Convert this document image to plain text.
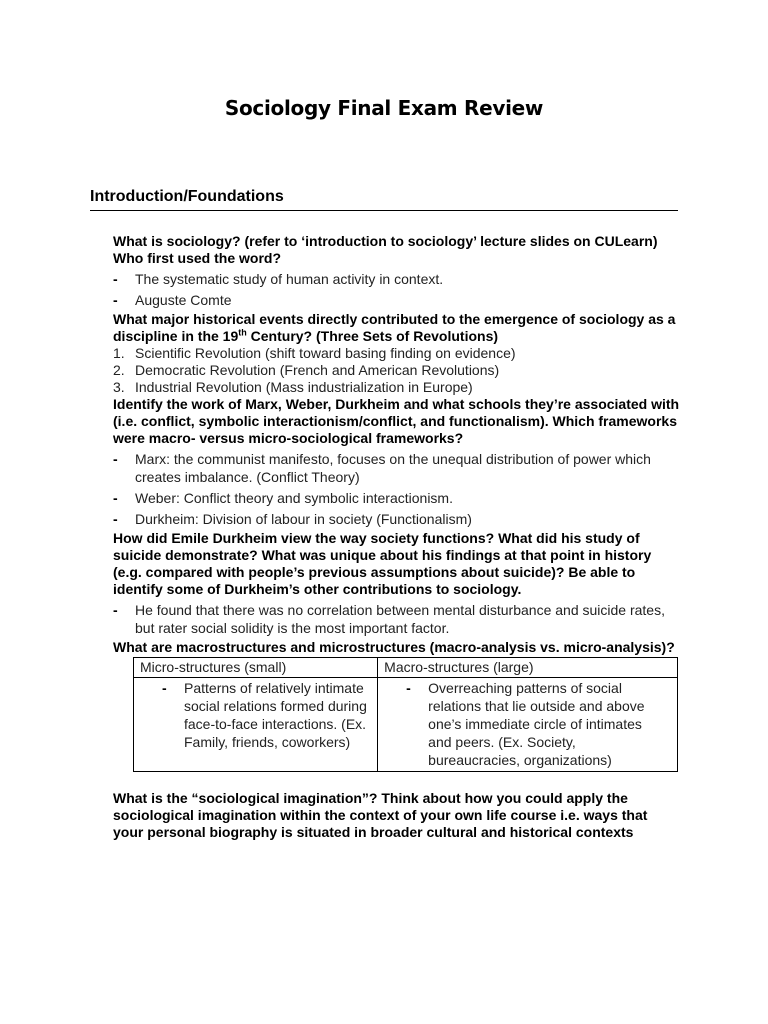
Sociology Final Exam Review
Introduction/Foundations

What is sociology? (refer to ‘introduction to sociology’ lecture slides on CULearn) Who first used the word?

- The systematic study of human activity in context.
- Auguste Comte

What major historical events directly contributed to the emergence of sociology as a discipline in the 19th Century? (Three Sets of Revolutions)

1. Scientific Revolution (shift toward basing finding on evidence)
2. Democratic Revolution (French and American Revolutions)
3. Industrial Revolution (Mass industrialization in Europe)

Identify the work of Marx, Weber, Durkheim and what schools they’re associated with (i.e. conflict, symbolic interactionism/conflict, and functionalism). Which frameworks were macro- versus micro-sociological frameworks?

- Marx: the communist manifesto, focuses on the unequal distribution of power which creates imbalance. (Conflict Theory)
- Weber: Conflict theory and symbolic interactionism.
- Durkheim: Division of labour in society (Functionalism)

How did Emile Durkheim view the way society functions? What did his study of suicide demonstrate? What was unique about his findings at that point in history (e.g. compared with people’s previous assumptions about suicide)? Be able to identify some of Durkheim’s other contributions to sociology.

- He found that there was no correlation between mental disturbance and suicide rates, but rater social solidity is the most important factor.

What are macrostructures and microstructures (macro-analysis vs. micro-analysis)?

Micro-structures (small)	Macro-structures (large)

- Patterns of relatively intimate social relations formed during face-to-face interactions. (Ex. Family, friends, coworkers)	- Overreaching patterns of social relations that lie outside and above one’s immediate circle of intimates and peers. (Ex. Society, bureaucracies, organizations)

What is the “sociological imagination”? Think about how you could apply the sociological imagination within the context of your own life course i.e. ways that your personal biography is situated in broader cultural and historical contexts
